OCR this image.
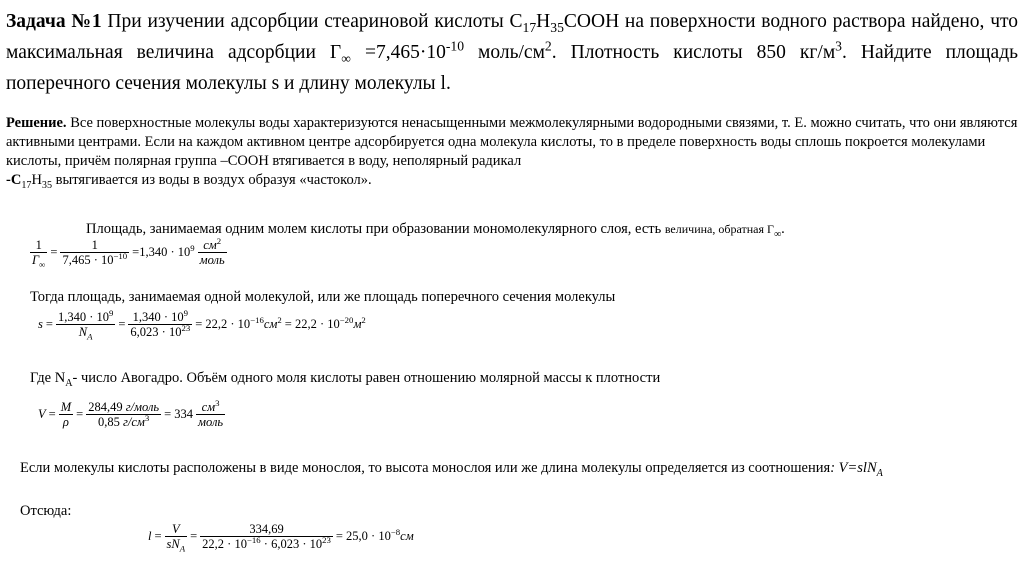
Задача №1 При изучении адсорбции стеариновой кислоты $C_{17}H_{35}COOH$ на поверхности водного раствора найдено, что максимальная величина адсорбции $\Gamma_\infty =7,465\cdot 10^{-10}$ моль/$см^2$. Плотность кислоты 850 $кг/м^3$. Найдите площадь поперечного сечения молекулы s и длину молекулы l.
Решение. Все поверхностные молекулы воды характеризуются ненасыщенными межмолекулярными водородными связями, т. Е. можно считать, что они являются активными центрами. Если на каждом активном центре адсорбируется одна молекула кислоты, то в пределе поверхность воды сплошь покроется молекулами кислоты, причём полярная группа –COOH втягивается в воду, неполярный радикал
$-C_{17}H_{35}$ вытягивается из воды в воздух образуя «частокол».
Площадь, занимаемая одним молем кислоты при образовании мономолекулярного слоя, есть величина, обратная $\Gamma_\infty$.
$\frac{1}{\Gamma_\infty} = \frac{1}{7,465 \cdot 10^{-10}} =1,340 \cdot 10^9 \frac{см^2}{\text{моль}}$
Тогда площадь, занимаемая одной молекулой, или же площадь поперечного сечения молекулы
$s = \frac{1,340 \cdot 10^9}{N_A} = \frac{1,340 \cdot 10^9}{6,023 \cdot 10^{23}} = 22,2 \cdot 10^{-16}см^2 = 22,2 \cdot 10^{-20}м^2$
Где $N_A-$ число Авогадро. Объём одного моля кислоты равен отношению молярной массы к плотности
$V = \frac{M}{\rho} = \frac{\text{284,49 г/моль}}{0,85 г/см^3} = 334 \frac{см^3}{\text{моль}}$
Если молекулы кислоты расположены в виде монослоя, то высота монослоя или же длина молекулы определяется из соотношения: V=slN$_A$
Отсюда:
$l = \frac{V}{sN_A} = \frac{334,69}{22,2 \cdot 10^{-16} \cdot 6,023 \cdot 10^{23}} = 25,0 \cdot 10^{-8}см$
